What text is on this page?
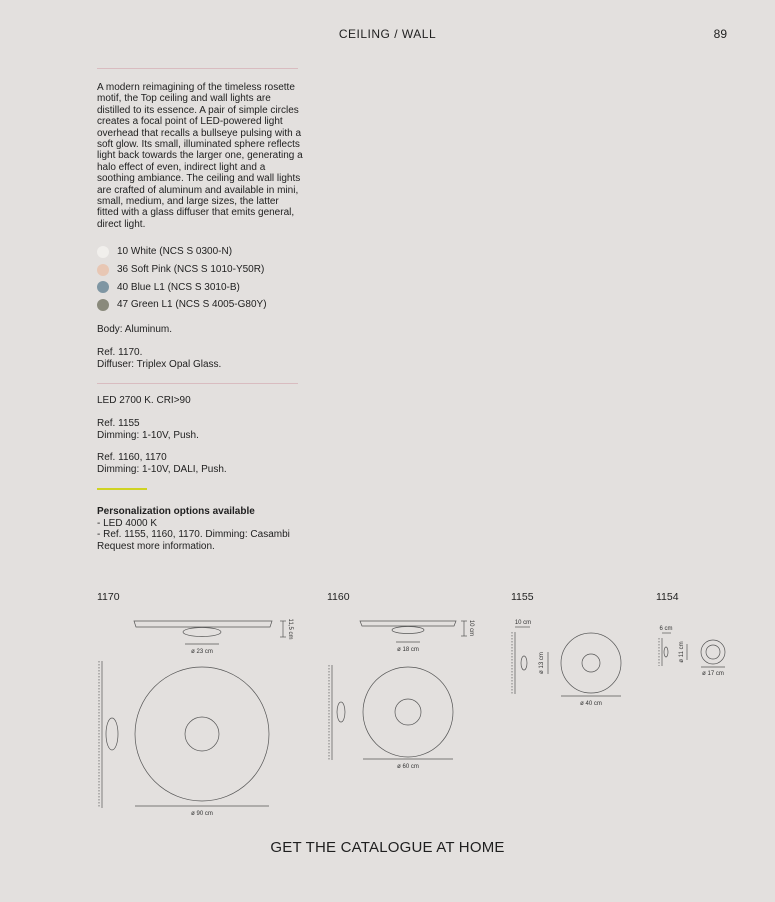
CEILING / WALL	89
A modern reimagining of the timeless rosette motif, the Top ceiling and wall lights are distilled to its essence. A pair of simple circles creates a focal point of LED-powered light overhead that recalls a bullseye pulsing with a soft glow. Its small, illuminated sphere reflects light back towards the larger one, generating a halo effect of even, indirect light and a soothing ambiance. The ceiling and wall lights are crafted of aluminum and available in mini, small, medium, and large sizes, the latter fitted with a glass diffuser that emits general, direct light.
10 White (NCS S 0300-N)
36 Soft Pink (NCS S 1010-Y50R)
40 Blue L1 (NCS S 3010-B)
47 Green L1 (NCS S 4005-G80Y)
Body: Aluminum.
Ref. 1170.
Diffuser: Triplex Opal Glass.
LED 2700 K. CRI>90
Ref. 1155
Dimming: 1-10V, Push.
Ref. 1160, 1170
Dimming: 1-10V, DALI, Push.
Personalization options available
- LED 4000 K
- Ref. 1155, 1160, 1170. Dimming: Casambi
Request more information.
1170	1160	1155	1154
ø 23 cm
11,5 cm
ø 90 cm
ø 18 cm
10 cm
ø 60 cm
10 cm
ø 13 cm
ø 40 cm
6 cm
ø 11 cm
ø 17 cm
GET THE CATALOGUE AT HOME
